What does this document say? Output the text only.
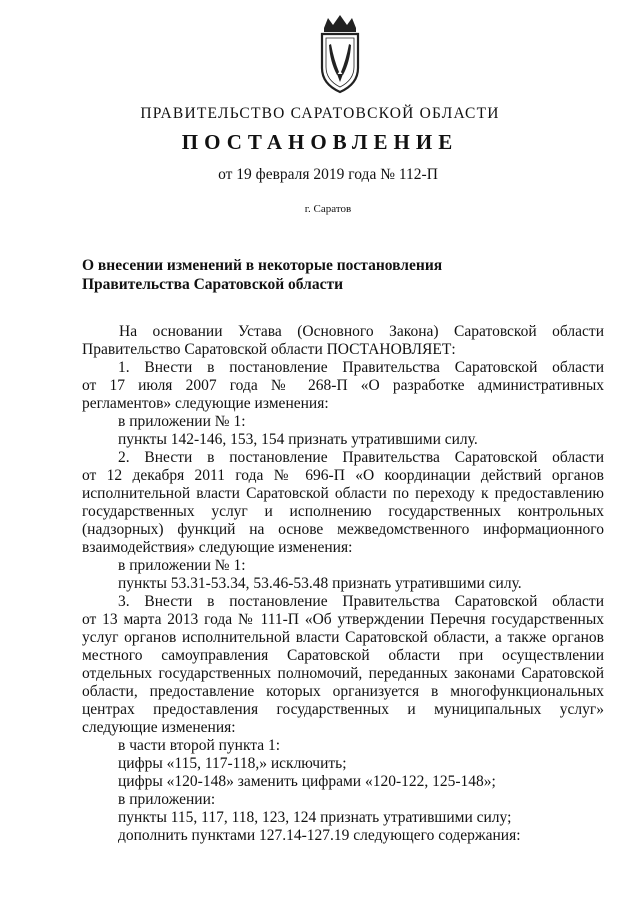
ПРАВИТЕЛЬСТВО САРАТОВСКОЙ ОБЛАСТИ
ПОСТАНОВЛЕНИЕ
от 19 февраля 2019 года № 112-П
г. Саратов
О внесении изменений в некоторые постановления
Правительства Саратовской области
На основании Устава (Основного Закона) Саратовской области
Правительство Саратовской области ПОСТАНОВЛЯЕТ:
1. Внести в постановление Правительства Саратовской области
от 17 июля 2007 года № 268-П «О разработке административных
регламентов» следующие изменения:
в приложении № 1:
пункты 142-146, 153, 154 признать утратившими силу.
2. Внести в постановление Правительства Саратовской области
от 12 декабря 2011 года № 696-П «О координации действий органов
исполнительной власти Саратовской области по переходу к предоставлению
государственных услуг и исполнению государственных контрольных
(надзорных) функций на основе межведомственного информационного
взаимодействия» следующие изменения:
в приложении № 1:
пункты 53.31-53.34, 53.46-53.48 признать утратившими силу.
3. Внести в постановление Правительства Саратовской области
от 13 марта 2013 года № 111-П «Об утверждении Перечня государственных
услуг органов исполнительной власти Саратовской области, а также органов
местного самоуправления Саратовской области при осуществлении
отдельных государственных полномочий, переданных законами Саратовской
области, предоставление которых организуется в многофункциональных
центрах предоставления государственных и муниципальных услуг»
следующие изменения:
в части второй пункта 1:
цифры «115, 117-118,» исключить;
цифры «120-148» заменить цифрами «120-122, 125-148»;
в приложении:
пункты 115, 117, 118, 123, 124 признать утратившими силу;
дополнить пунктами 127.14-127.19 следующего содержания:
